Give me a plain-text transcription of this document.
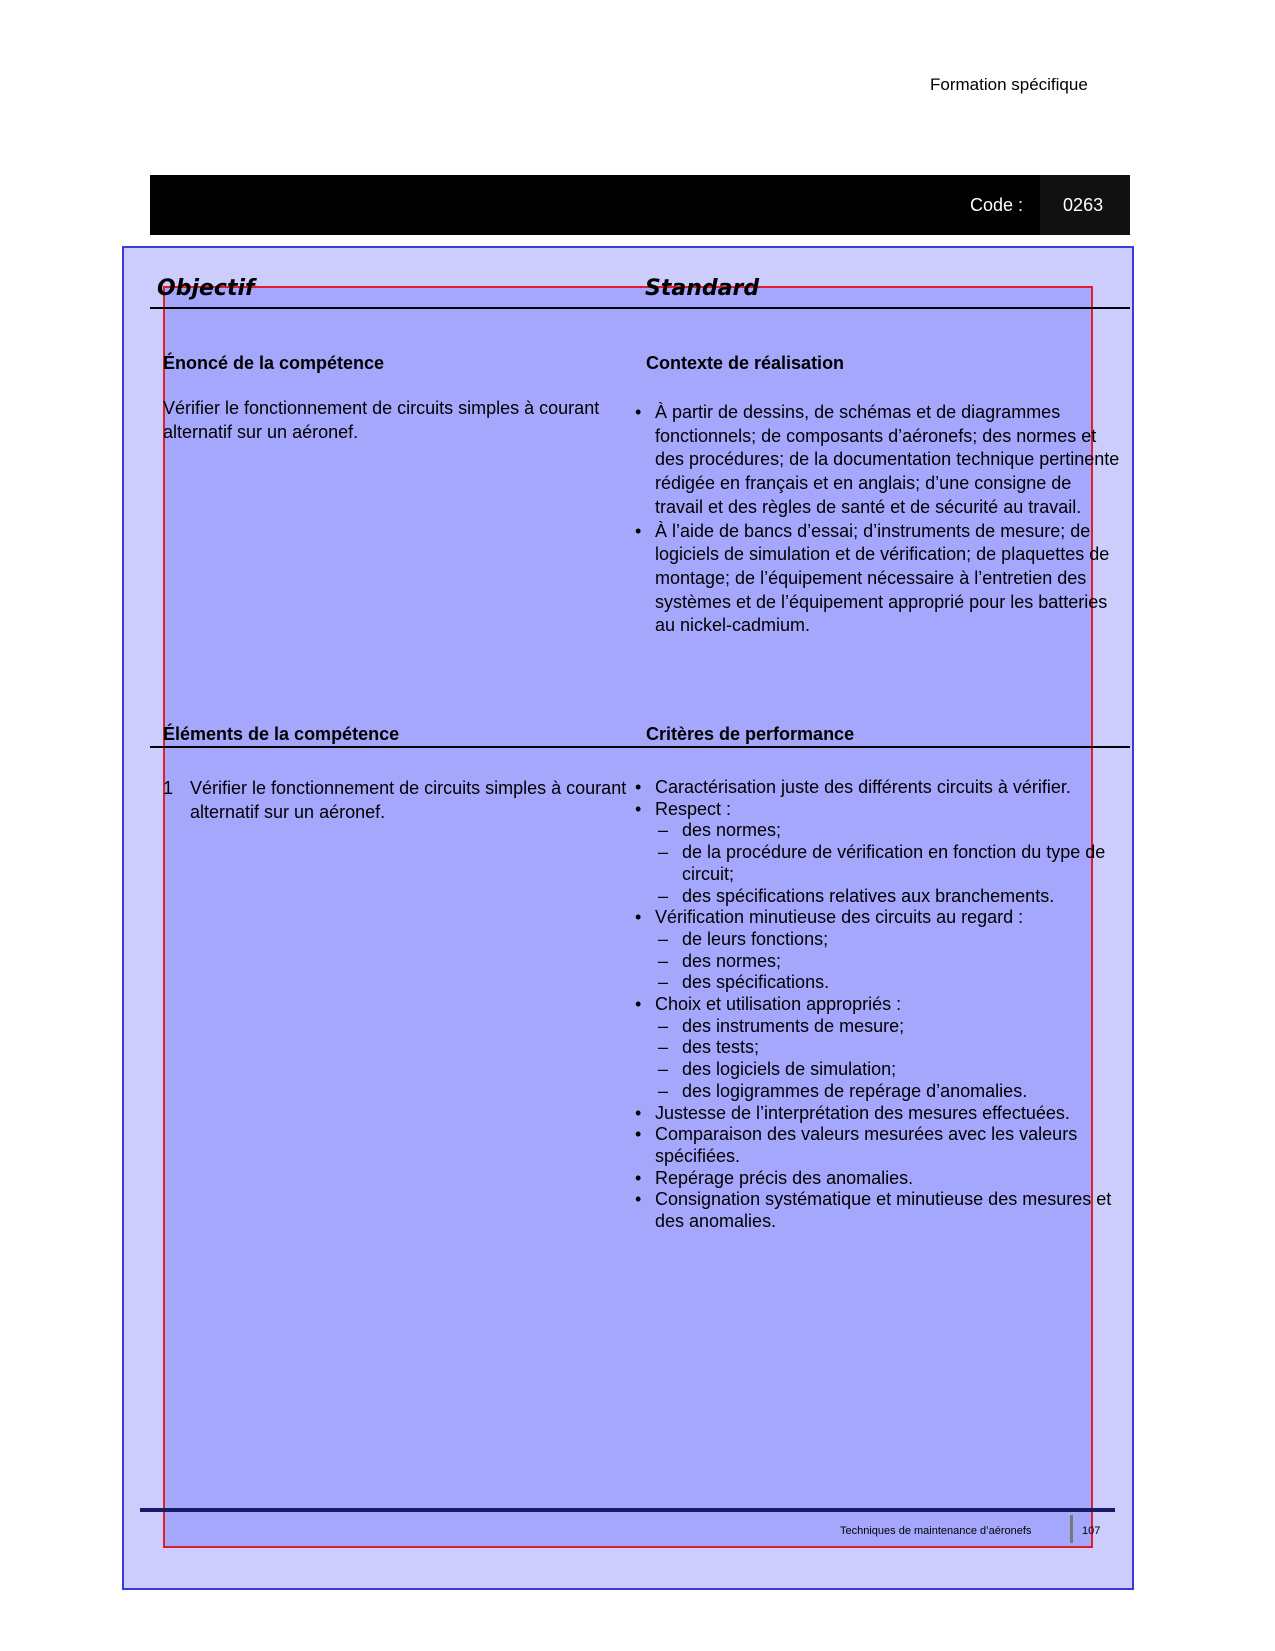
Formation spécifique
Code : 0263
Objectif	Standard
Énoncé de la compétence	Contexte de réalisation
Vérifier le fonctionnement de circuits simples à courant alternatif sur un aéronef.
• À partir de dessins, de schémas et de diagrammes fonctionnels; de composants d’aéronefs; des normes et des procédures; de la documentation technique pertinente rédigée en français et en anglais; d’une consigne de travail et des règles de santé et de sécurité au travail.
• À l’aide de bancs d’essai; d’instruments de mesure; de logiciels de simulation et de vérification; de plaquettes de montage; de l’équipement nécessaire à l’entretien des systèmes et de l’équipement approprié pour les batteries au nickel-cadmium.
Éléments de la compétence	Critères de performance
1 Vérifier le fonctionnement de circuits simples à courant alternatif sur un aéronef.
• Caractérisation juste des différents circuits à vérifier.
• Respect :
– des normes;
– de la procédure de vérification en fonction du type de circuit;
– des spécifications relatives aux branchements.
• Vérification minutieuse des circuits au regard :
– de leurs fonctions;
– des normes;
– des spécifications.
• Choix et utilisation appropriés :
– des instruments de mesure;
– des tests;
– des logiciels de simulation;
– des logigrammes de repérage d’anomalies.
• Justesse de l’interprétation des mesures effectuées.
• Comparaison des valeurs mesurées avec les valeurs spécifiées.
• Repérage précis des anomalies.
• Consignation systématique et minutieuse des mesures et des anomalies.
Techniques de maintenance d’aéronefs	107
